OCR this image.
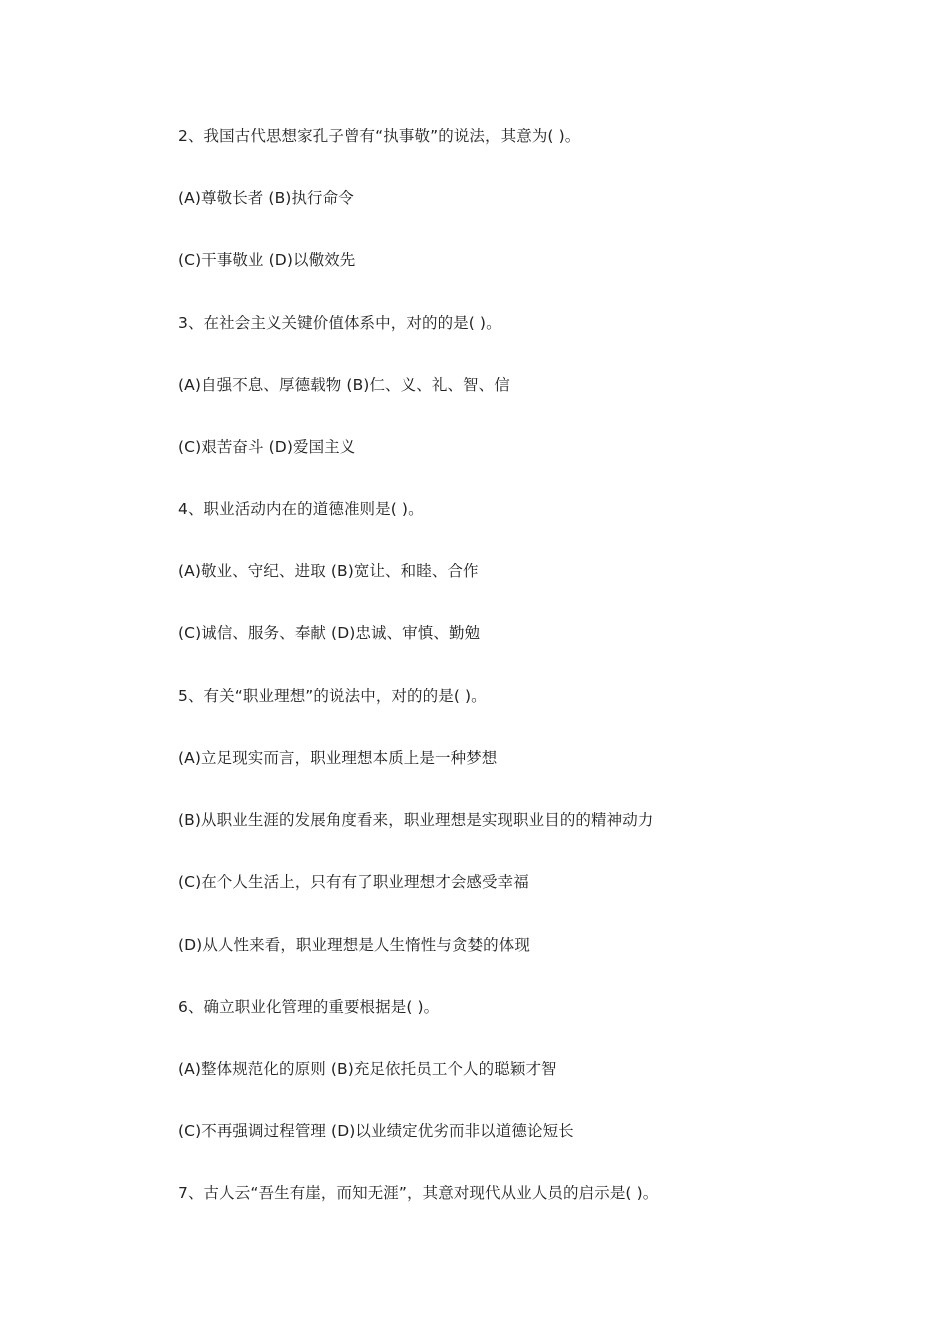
2、我国古代思想家孔子曾有“执事敬”的说法，其意为( )。
(A)尊敬长者 (B)执行命令
(C)干事敬业 (D)以儆效先
3、在社会主义关键价值体系中，对的的是( )。
(A)自强不息、厚德载物 (B)仁、义、礼、智、信
(C)艰苦奋斗 (D)爱国主义
4、职业活动内在的道德准则是( )。
(A)敬业、守纪、进取 (B)宽让、和睦、合作
(C)诚信、服务、奉献 (D)忠诚、审慎、勤勉
5、有关“职业理想”的说法中，对的的是( )。
(A)立足现实而言，职业理想本质上是一种梦想
(B)从职业生涯的发展角度看来，职业理想是实现职业目的的精神动力
(C)在个人生活上，只有有了职业理想才会感受幸福
(D)从人性来看，职业理想是人生惰性与贪婪的体现
6、确立职业化管理的重要根据是( )。
(A)整体规范化的原则 (B)充足依托员工个人的聪颖才智
(C)不再强调过程管理 (D)以业绩定优劣而非以道德论短长
7、古人云“吾生有崖，而知无涯”，其意对现代从业人员的启示是( )。
